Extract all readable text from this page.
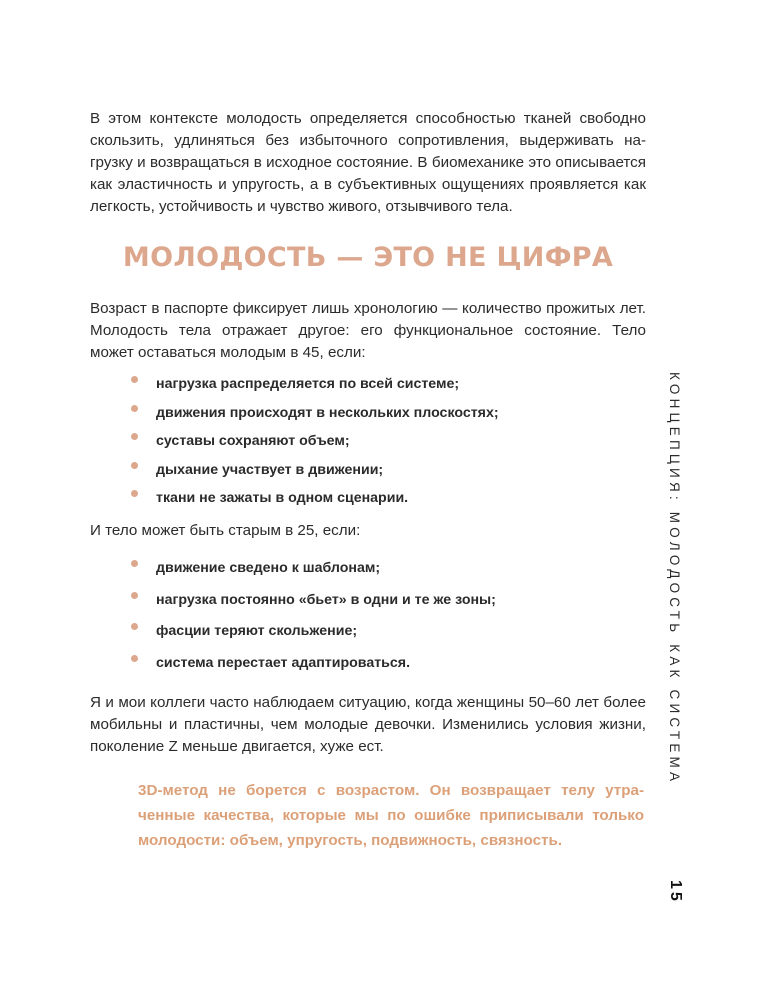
В этом контексте молодость определяется способностью тканей свободно скользить, удлиняться без избыточного сопротивления, выдерживать нагрузку и возвращаться в исходное состояние. В биомеханике это описывается как эластичность и упругость, а в субъективных ощущениях проявляется как легкость, устойчивость и чувство живого, отзывчивого тела.

МОЛОДОСТЬ — ЭТО НЕ ЦИФРА

Возраст в паспорте фиксирует лишь хронологию — количество прожитых лет. Молодость тела отражает другое: его функциональное состояние. Тело может оставаться молодым в 45, если:

нагрузка распределяется по всей системе;
движения происходят в нескольких плоскостях;
суставы сохраняют объем;
дыхание участвует в движении;
ткани не зажаты в одном сценарии.

И тело может быть старым в 25, если:

движение сведено к шаблонам;
нагрузка постоянно «бьет» в одни и те же зоны;
фасции теряют скольжение;
система перестает адаптироваться.

Я и мои коллеги часто наблюдаем ситуацию, когда женщины 50–60 лет более мобильны и пластичны, чем молодые девочки. Изменились условия жизни, поколение Z меньше двигается, хуже ест.

3D-метод не борется с возрастом. Он возвращает телу утраченные качества, которые мы по ошибке приписывали только молодости: объем, упругость, подвижность, связность.

КОНЦЕПЦИЯ: МОЛОДОСТЬ КАК СИСТЕМА
15
